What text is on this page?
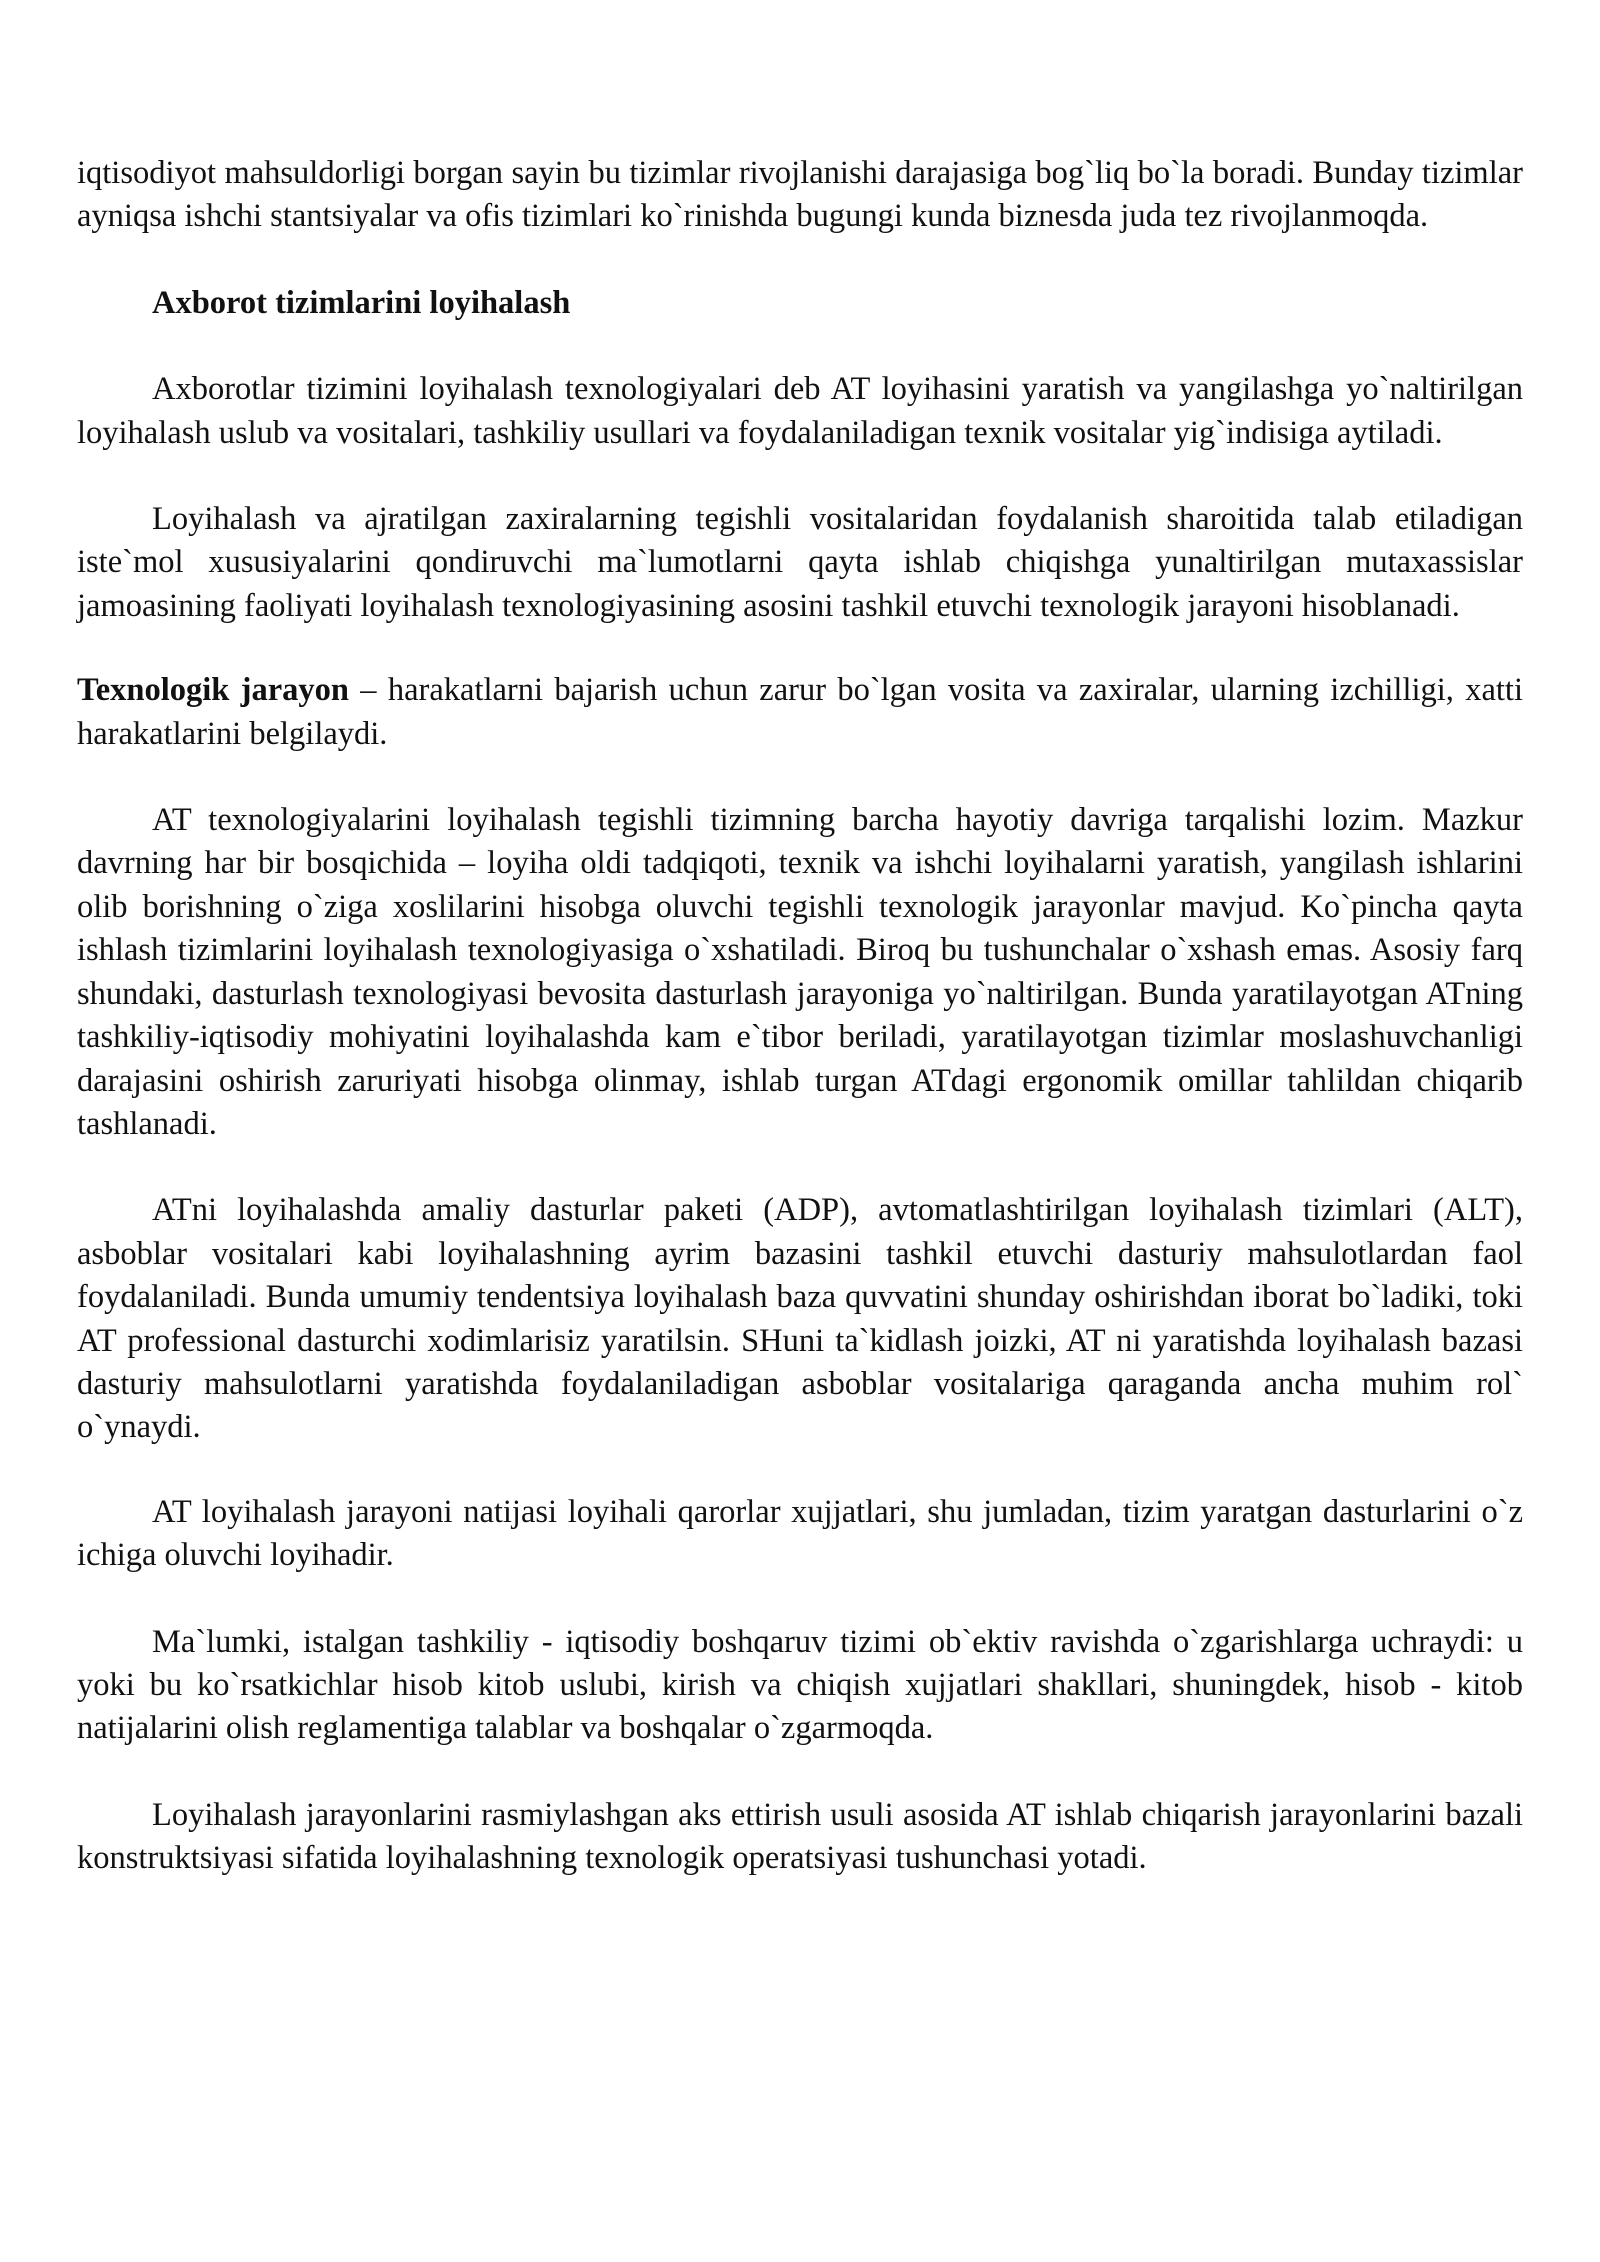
iqtisodiyot mahsuldorligi borgan sayin bu tizimlar rivojlanishi darajasiga bog`liq bo`la boradi. Bunday tizimlar ayniqsa ishchi stantsiyalar va ofis tizimlari ko`rinishda bugungi kunda biznesda juda tez rivojlanmoqda.

Axborot tizimlarini loyihalash

Axborotlar tizimini loyihalash texnologiyalari deb AT loyihasini yaratish va yangilashga yo`naltirilgan loyihalash uslub va vositalari, tashkiliy usullari va foydalaniladigan texnik vositalar yig`indisiga aytiladi.

Loyihalash va ajratilgan zaxiralarning tegishli vositalaridan foydalanish sharoitida talab etiladigan iste`mol xususiyalarini qondiruvchi ma`lumotlarni qayta ishlab chiqishga yunaltirilgan mutaxassislar jamoasining faoliyati loyihalash texnologiyasining asosini tashkil etuvchi texnologik jarayoni hisoblanadi.

Texnologik jarayon – harakatlarni bajarish uchun zarur bo`lgan vosita va zaxiralar, ularning izchilligi, xatti harakatlarini belgilaydi.

AT texnologiyalarini loyihalash tegishli tizimning barcha hayotiy davriga tarqalishi lozim. Mazkur davrning har bir bosqichida – loyiha oldi tadqiqoti, texnik va ishchi loyihalarni yaratish, yangilash ishlarini olib borishning o`ziga xoslilarini hisobga oluvchi tegishli texnologik jarayonlar mavjud. Ko`pincha qayta ishlash tizimlarini loyihalash texnologiyasiga o`xshatiladi. Biroq bu tushunchalar o`xshash emas. Asosiy farq shundaki, dasturlash texnologiyasi bevosita dasturlash jarayoniga yo`naltirilgan. Bunda yaratilayotgan ATning tashkiliy-iqtisodiy mohiyatini loyihalashda kam e`tibor beriladi, yaratilayotgan tizimlar moslashuvchanligi darajasini oshirish zaruriyati hisobga olinmay, ishlab turgan ATdagi ergonomik omillar tahlildan chiqarib tashlanadi.

ATni loyihalashda amaliy dasturlar paketi (ADP), avtomatlashtirilgan loyihalash tizimlari (ALT), asboblar vositalari kabi loyihalashning ayrim bazasini tashkil etuvchi dasturiy mahsulotlardan faol foydalaniladi. Bunda umumiy tendentsiya loyihalash baza quvvatini shunday oshirishdan iborat bo`ladiki, toki AT professional dasturchi xodimlarisiz yaratilsin. SHuni ta`kidlash joizki, AT ni yaratishda loyihalash bazasi dasturiy mahsulotlarni yaratishda foydalaniladigan asboblar vositalariga qaraganda ancha muhim rol` o`ynaydi.

AT loyihalash jarayoni natijasi loyihali qarorlar xujjatlari, shu jumladan, tizim yaratgan dasturlarini o`z ichiga oluvchi loyihadir.

Ma`lumki, istalgan tashkiliy - iqtisodiy boshqaruv tizimi ob`ektiv ravishda o`zgarishlarga uchraydi: u yoki bu ko`rsatkichlar hisob kitob uslubi, kirish va chiqish xujjatlari shakllari, shuningdek, hisob - kitob natijalarini olish reglamentiga talablar va boshqalar o`zgarmoqda.

Loyihalash jarayonlarini rasmiylashgan aks ettirish usuli asosida AT ishlab chiqarish jarayonlarini bazali konstruktsiyasi sifatida loyihalashning texnologik operatsiyasi tushunchasi yotadi.
